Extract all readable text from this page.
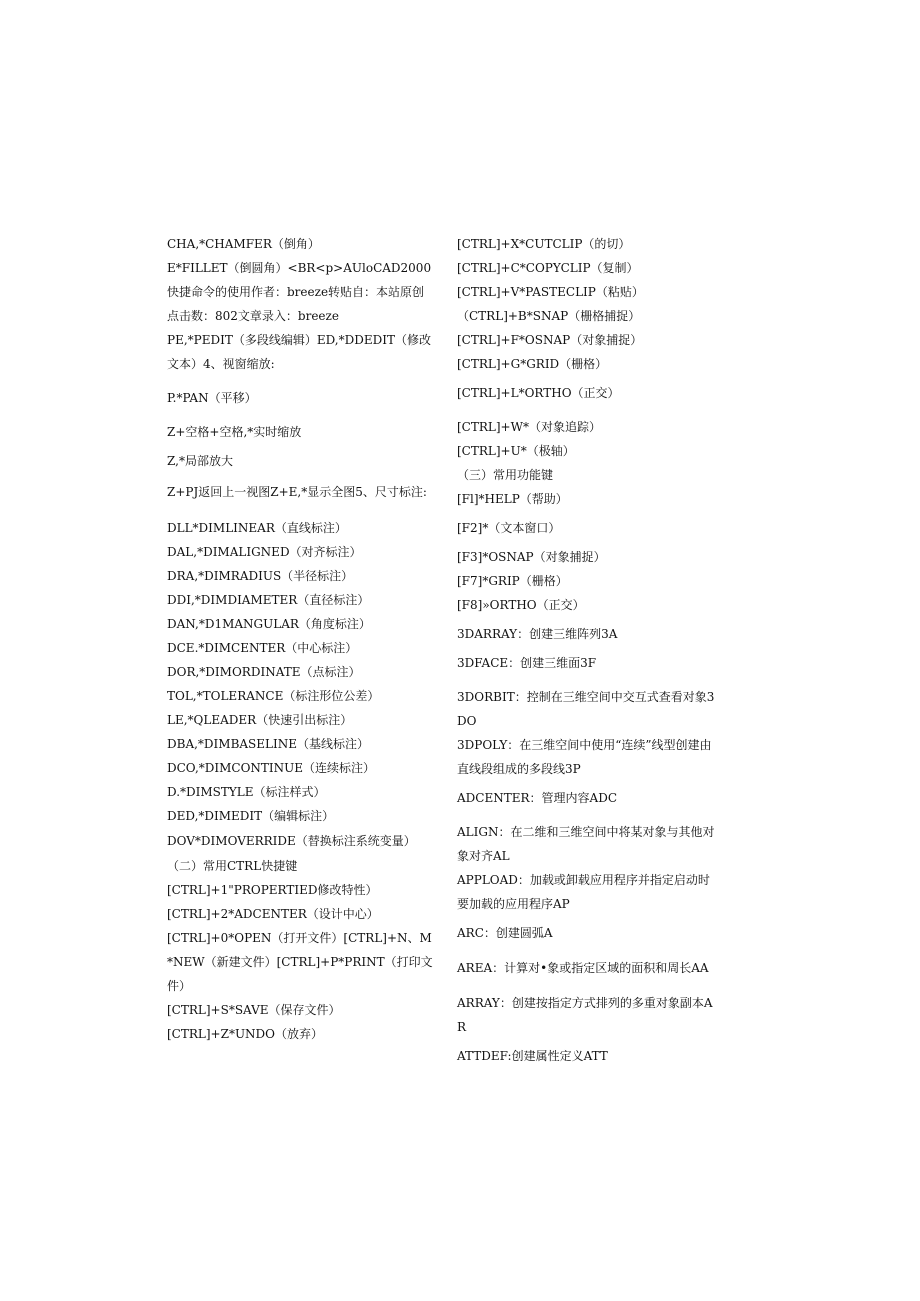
CHA,*CHAMFER（倒角）

E*FILLET（倒圆角）<BR<p>AUloCAD2000快捷命令的使用作者：breeze转贴自：本站原创点击数：802文章录入：breeze

PE,*PEDIT（多段线编辑）ED,*DDEDIT（修改文本）4、视窗缩放:

P.*PAN（平移）

Z+空格+空格,*实时缩放

Z,*局部放大

Z+PJ返回上一视图Z+E,*显示全图5、尺寸标注:

DLL*DIMLINEAR（直线标注）

DAL,*DIMALIGNED（对齐标注）

DRA,*DIMRADIUS（半径标注）

DDI,*DIMDIAMETER（直径标注）

DAN,*D1MANGULAR（角度标注）

DCE.*DIMCENTER（中心标注）

DOR,*DIMORDINATE（点标注）

TOL,*TOLERANCE（标注形位公差）

LE,*QLEADER（快速引出标注）

DBA,*DIMBASELINE（基线标注）

DCO,*DIMCONTINUE（连续标注）

D.*DIMSTYLE（标注样式）

DED,*DIMEDIT（编辑标注）

DOV*DIMOVERRIDE（替换标注系统变量）

（二）常用CTRL快捷键

[CTRL]+1"PROPERTIED修改特性）

[CTRL]+2*ADCENTER（设计中心）

[CTRL]+0*OPEN（打开文件）[CTRL]+N、M*NEW（新建文件）[CTRL]+P*PRINT（打印文件）

[CTRL]+S*SAVE（保存文件）

[CTRL]+Z*UNDO（放弃）

[CTRL]+X*CUTCLIP（的切）

[CTRL]+C*COPYCLIP（复制）

[CTRL]+V*PASTECLIP（粘贴）

（CTRL]+B*SNAP（栅格捕捉）

[CTRL]+F*OSNAP（对象捕捉）

[CTRL]+G*GRID（栅格）

[CTRL]+L*ORTHO（正交）

[CTRL]+W*（对象追踪）

[CTRL]+U*（极轴）

（三）常用功能键

[Fl]*HELP（帮助）

[F2]*（文本窗口）

[F3]*OSNAP（对象捕捉）

[F7]*GRIP（栅格）

[F8]»ORTHO（正交）

3DARRAY：创建三维阵列3A

3DFACE：创建三维面3F

3DORBIT：控制在三维空间中交互式查看对象3DO

3DPOLY：在三维空间中使用“连续”线型创建由直线段组成的多段线3P

ADCENTER：管理内容ADC

ALIGN：在二维和三维空间中将某对象与其他对象对齐AL

APPLOAD：加载或卸载应用程序并指定启动时要加载的应用程序AP

ARC：创建圆弧A

AREA：计算对•象或指定区域的面积和周长AA

ARRAY：创建按指定方式排列的多重对象副本AR

ATTDEF:创建属性定义ATT
